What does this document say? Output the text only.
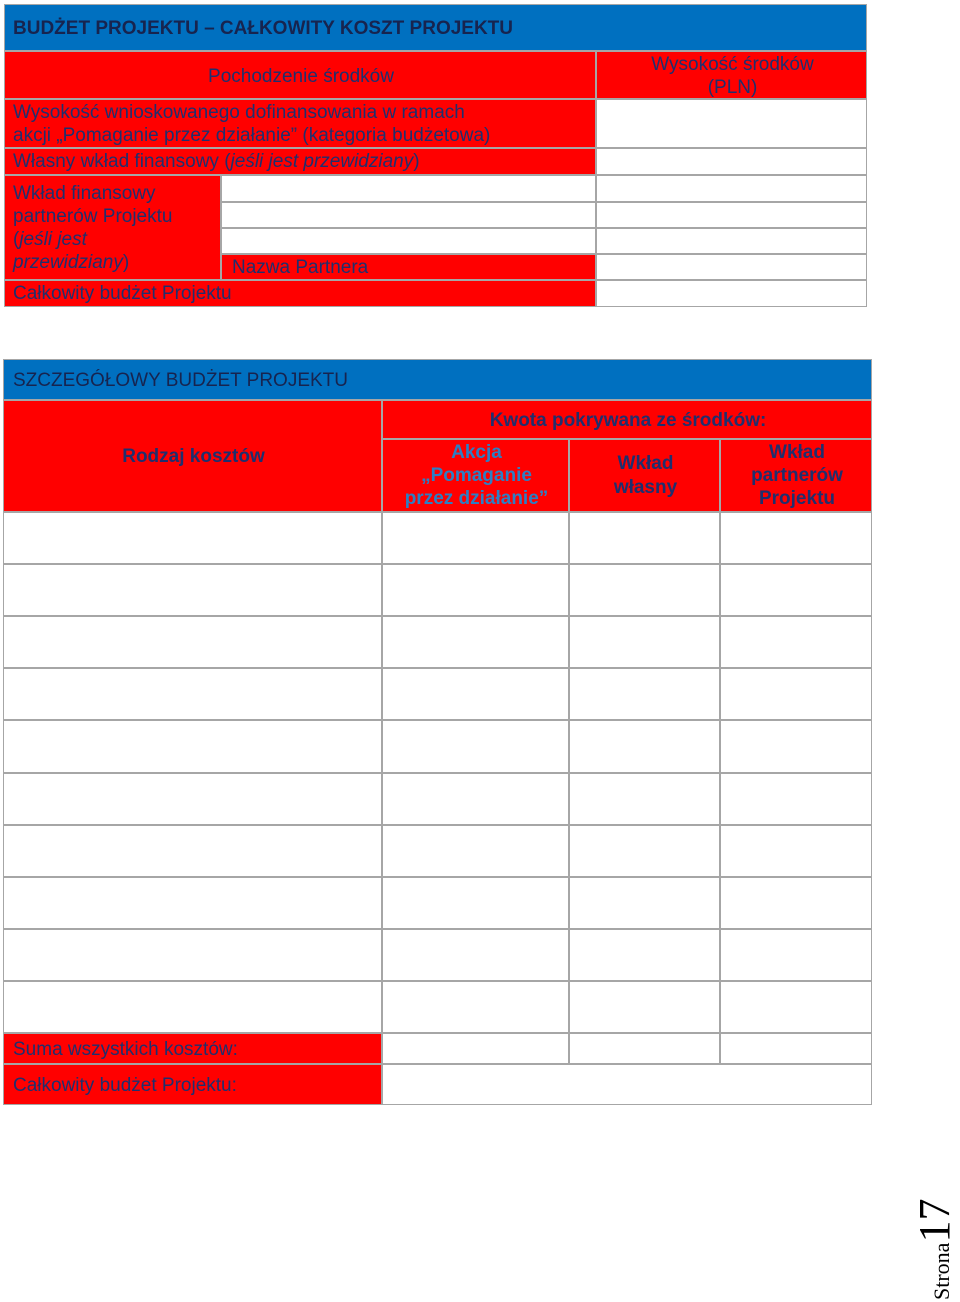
BUDŻET PROJEKTU – CAŁKOWITY KOSZT PROJEKTU
Pochodzenie środków
Wysokość środków
(PLN)
Wysokość wnioskowanego dofinansowania w ramach
akcji „Pomaganie przez działanie” (kategoria budżetowa)
Własny wkład finansowy (jeśli jest przewidziany)
Wkład finansowy
partnerów Projektu
(jeśli jest
przewidziany)	Nazwa Partnera
Całkowity budżet Projektu
SZCZEGÓŁOWY BUDŻET PROJEKTU
Rodzaj kosztów
Kwota pokrywana ze środków:
Akcja
„Pomaganie
przez działanie”
Wkład
własny
Wkład
partnerów
Projektu
Suma wszystkich kosztów:
Całkowity budżet Projektu:
Strona17
